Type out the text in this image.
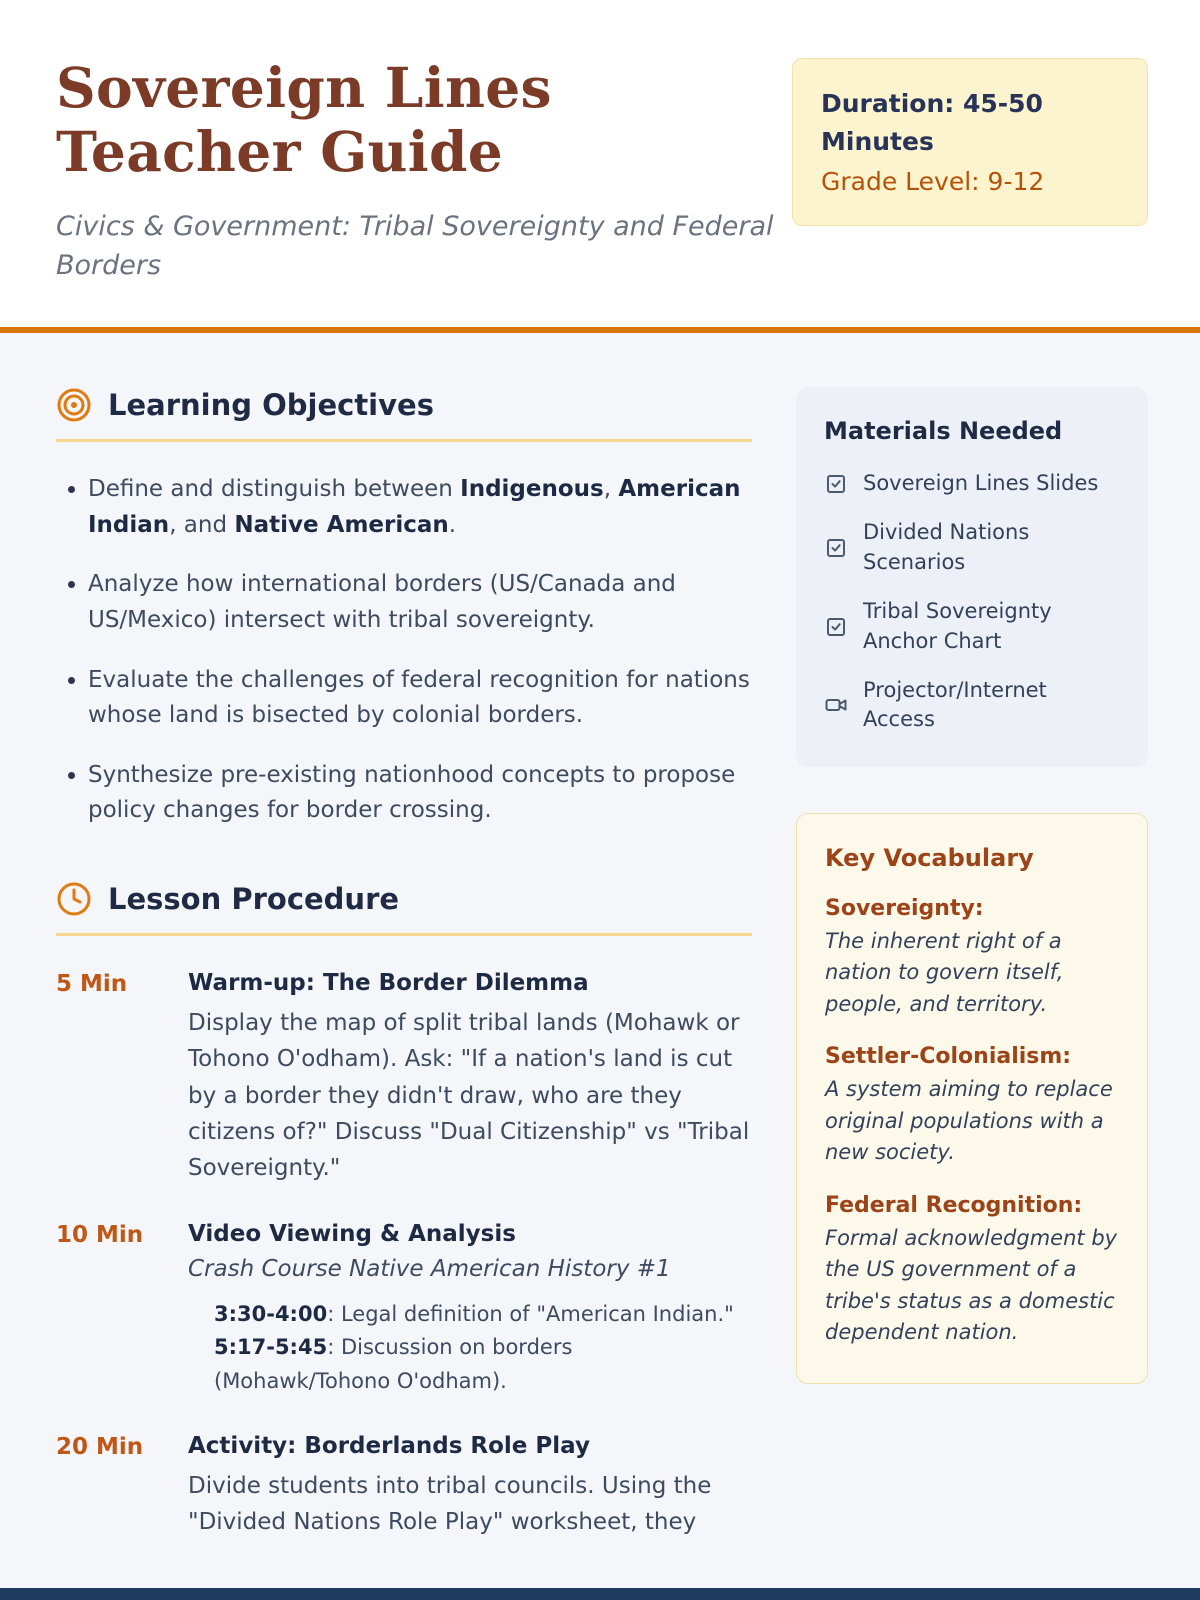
Sovereign Lines Teacher Guide

Civics & Government: Tribal Sovereignty and Federal Borders

Duration: 45-50 Minutes
Grade Level: 9-12
Learning Objectives
• Define and distinguish between Indigenous, American Indian, and Native American.
• Analyze how international borders (US/Canada and US/Mexico) intersect with tribal sovereignty.
• Evaluate the challenges of federal recognition for nations whose land is bisected by colonial borders.
• Synthesize pre-existing nationhood concepts to propose policy changes for border crossing.
Lesson Procedure
5 Min	Warm-up: The Border Dilemma
Display the map of split tribal lands (Mohawk or Tohono O'odham). Ask: "If a nation's land is cut by a border they didn't draw, who are they citizens of?" Discuss "Dual Citizenship" vs "Tribal Sovereignty."
10 Min	Video Viewing & Analysis
Crash Course Native American History #1
3:30-4:00: Legal definition of "American Indian."
5:17-5:45: Discussion on borders (Mohawk/Tohono O'odham).
20 Min	Activity: Borderlands Role Play
Divide students into tribal councils. Using the "Divided Nations Role Play" worksheet, they
Materials Needed
Sovereign Lines Slides
Divided Nations Scenarios
Tribal Sovereignty Anchor Chart
Projector/Internet Access
Key Vocabulary
Sovereignty:
The inherent right of a nation to govern itself, people, and territory.
Settler-Colonialism:
A system aiming to replace original populations with a new society.
Federal Recognition:
Formal acknowledgment by the US government of a tribe's status as a domestic dependent nation.
